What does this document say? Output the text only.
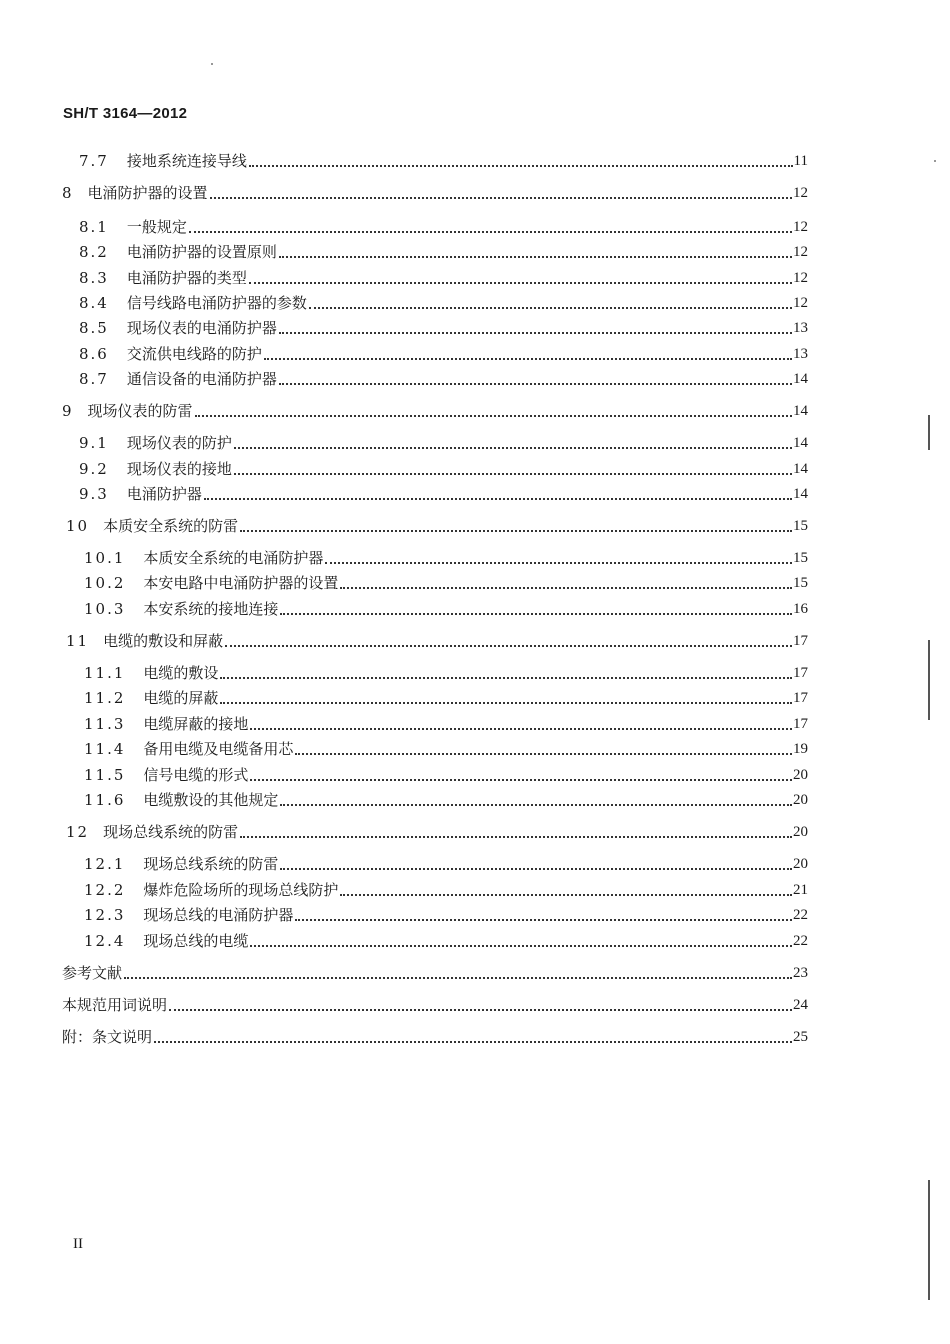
SH/T 3164—2012
7.7 接地系统连接导线	11
8 电涌防护器的设置	12
8.1 一般规定	12
8.2 电涌防护器的设置原则	12
8.3 电涌防护器的类型	12
8.4 信号线路电涌防护器的参数	12
8.5 现场仪表的电涌防护器	13
8.6 交流供电线路的防护	13
8.7 通信设备的电涌防护器	14
9 现场仪表的防雷	14
9.1 现场仪表的防护	14
9.2 现场仪表的接地	14
9.3 电涌防护器	14
10 本质安全系统的防雷	15
10.1 本质安全系统的电涌防护器	15
10.2 本安电路中电涌防护器的设置	15
10.3 本安系统的接地连接	16
11 电缆的敷设和屏蔽	17
11.1 电缆的敷设	17
11.2 电缆的屏蔽	17
11.3 电缆屏蔽的接地	17
11.4 备用电缆及电缆备用芯	19
11.5 信号电缆的形式	20
11.6 电缆敷设的其他规定	20
12 现场总线系统的防雷	20
12.1 现场总线系统的防雷	20
12.2 爆炸危险场所的现场总线防护	21
12.3 现场总线的电涌防护器	22
12.4 现场总线的电缆	22
参考文献	23
本规范用词说明	24
附：条文说明	25
II
